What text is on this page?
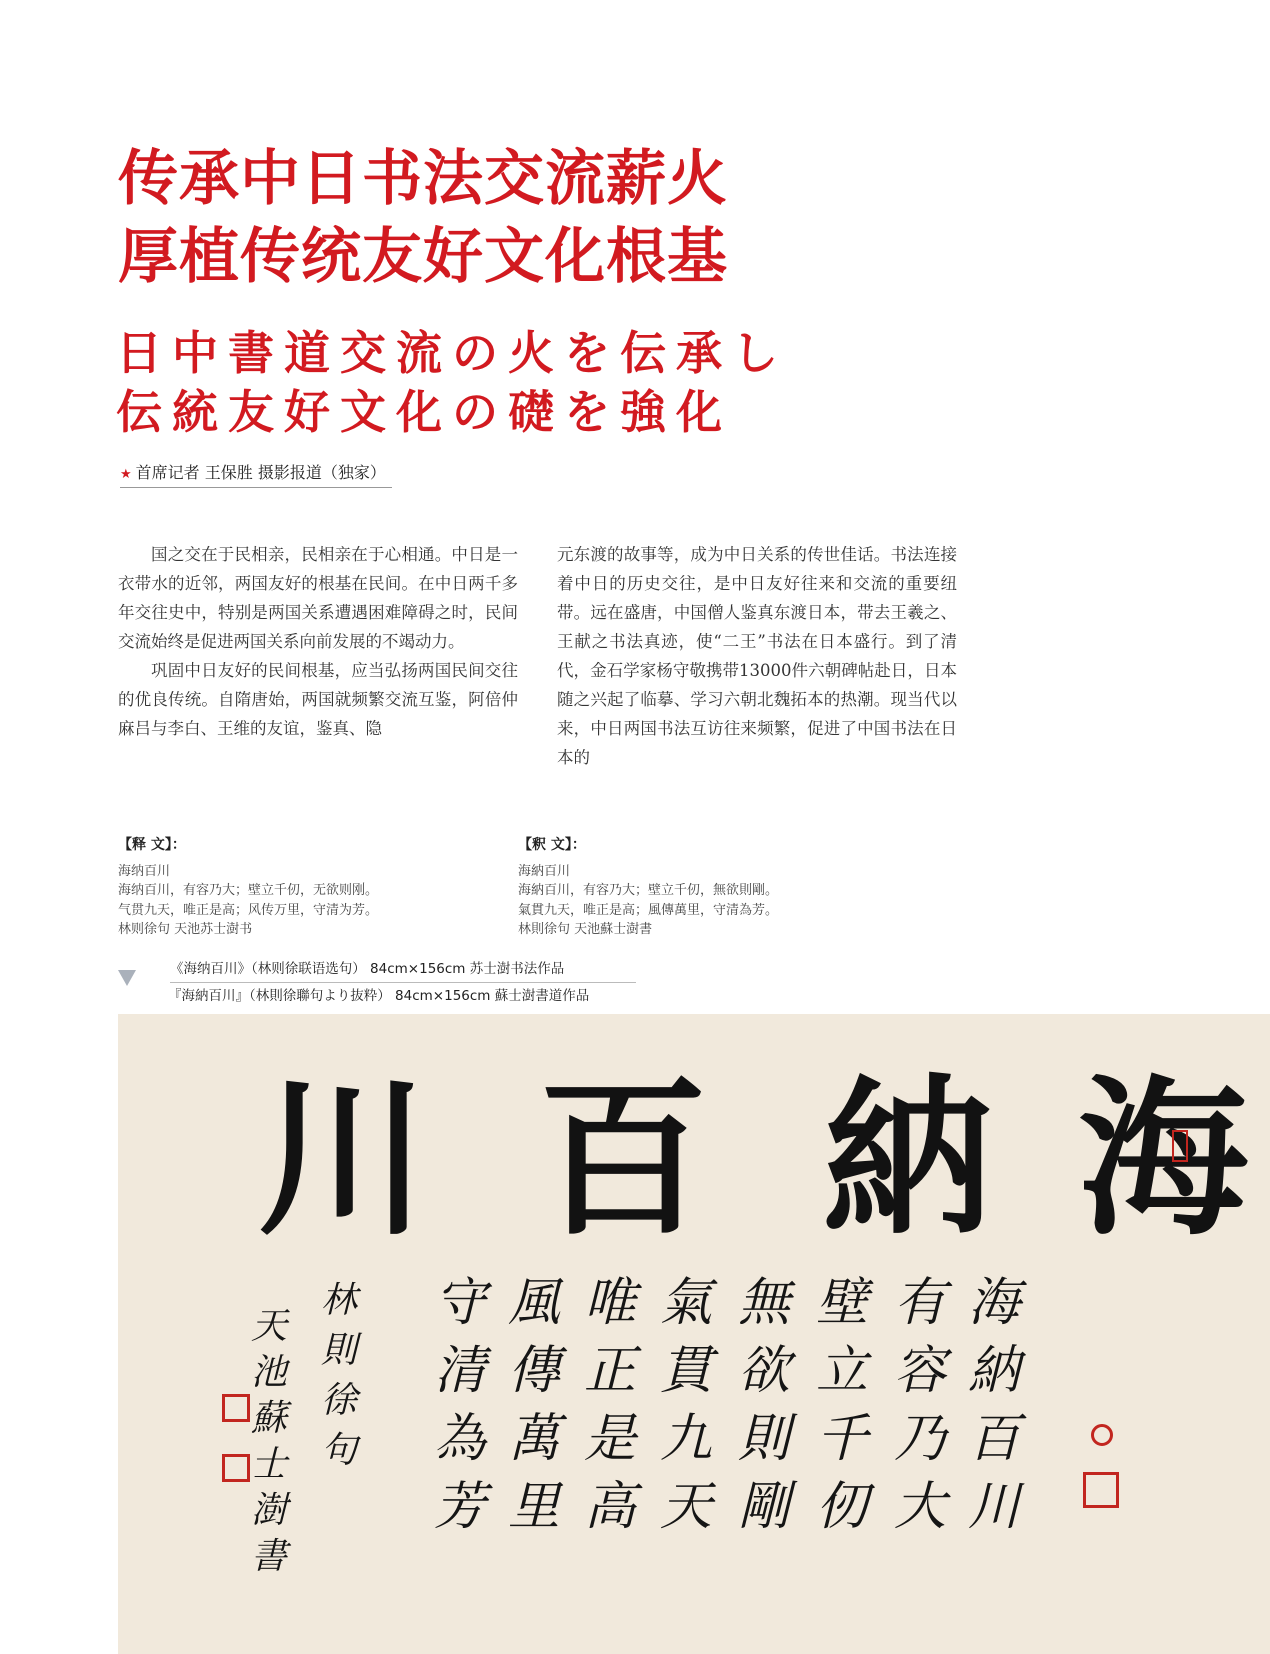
传承中日书法交流薪火
厚植传统友好文化根基
日中書道交流の火を伝承し
伝統友好文化の礎を強化
★ 首席记者 王保胜 摄影报道（独家）

国之交在于民相亲，民相亲在于心相通。中日是一衣带水的近邻，两国友好的根基在民间。在中日两千多年交往史中，特别是两国关系遭遇困难障碍之时，民间交流始终是促进两国关系向前发展的不竭动力。

巩固中日友好的民间根基，应当弘扬两国民间交往的优良传统。自隋唐始，两国就频繁交流互鉴，阿倍仲麻吕与李白、王维的友谊，鉴真、隐

元东渡的故事等，成为中日关系的传世佳话。书法连接着中日的历史交往，是中日友好往来和交流的重要纽带。远在盛唐，中国僧人鉴真东渡日本，带去王羲之、王献之书法真迹，使“二王”书法在日本盛行。到了清代，金石学家杨守敬携带13000件六朝碑帖赴日，日本随之兴起了临摹、学习六朝北魏拓本的热潮。现当代以来，中日两国书法互访往来频繁，促进了中国书法在日本的

【释 文】：
海纳百川
海纳百川，有容乃大；壁立千仞，无欲则刚。
气贯九天，唯正是高；风传万里，守清为芳。
林则徐句 天池苏士澍书
【釈 文】：
海納百川
海納百川，有容乃大；壁立千仞，無欲則剛。
氣貫九天，唯正是高；風傳萬里，守清為芳。
林則徐句 天池蘇士澍書
《海纳百川》（林则徐联语选句） 84cm×156cm 苏士澍书法作品
『海納百川』（林則徐聯句より抜粋） 84cm×156cm 蘇士澍書道作品
海
納
百
川
海
納
百
川
有
容
乃
大
壁
立
千
仞
無
欲
則
剛
氣
貫
九
天
唯
正
是
高
風
傳
萬
里
守
清
為
芳
林
則
徐
句
天
池
蘇
士
澍
書
